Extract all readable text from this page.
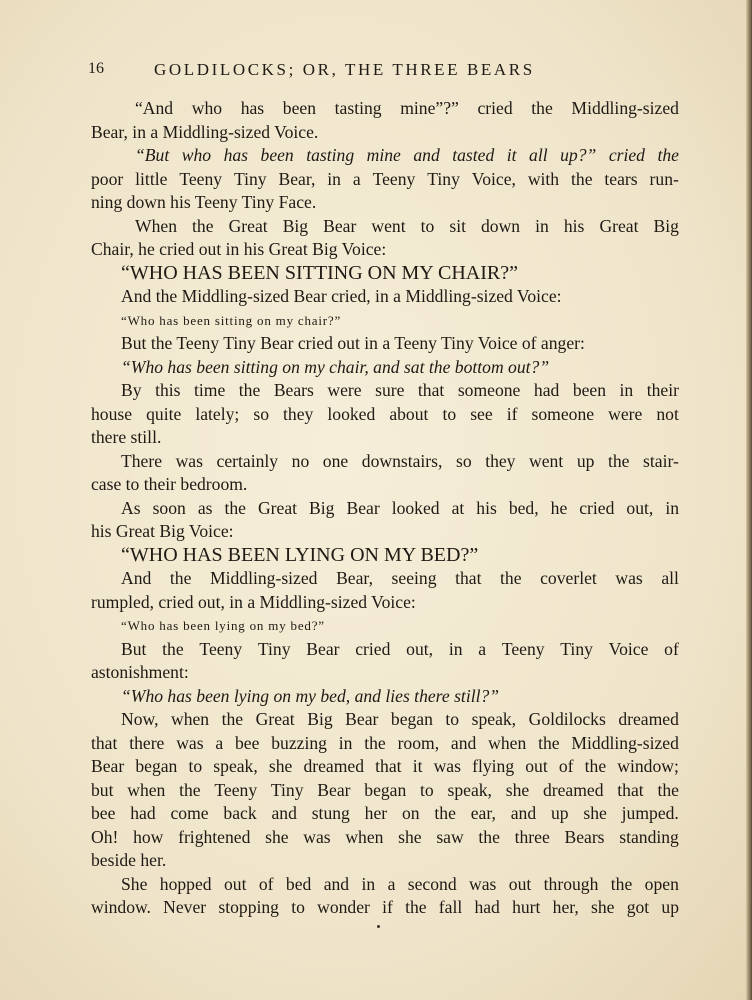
16	GOLDILOCKS; OR, THE THREE BEARS
“And who has been tasting mine”?” cried the Middling-sized
Bear, in a Middling-sized Voice.
“But who has been tasting mine and tasted it all up?” cried the
poor little Teeny Tiny Bear, in a Teeny Tiny Voice, with the tears run-
ning down his Teeny Tiny Face.
When the Great Big Bear went to sit down in his Great Big
Chair, he cried out in his Great Big Voice:
“WHO HAS BEEN SITTING ON MY CHAIR?”
And the Middling-sized Bear cried, in a Middling-sized Voice:
“Who has been sitting on my chair?”
But the Teeny Tiny Bear cried out in a Teeny Tiny Voice of anger:
“Who has been sitting on my chair, and sat the bottom out?”
By this time the Bears were sure that someone had been in their
house quite lately; so they looked about to see if someone were not
there still.
There was certainly no one downstairs, so they went up the stair-
case to their bedroom.
As soon as the Great Big Bear looked at his bed, he cried out, in
his Great Big Voice:
“WHO HAS BEEN LYING ON MY BED?”
And the Middling-sized Bear, seeing that the coverlet was all
rumpled, cried out, in a Middling-sized Voice:
“Who has been lying on my bed?”
But the Teeny Tiny Bear cried out, in a Teeny Tiny Voice of
astonishment:
“Who has been lying on my bed, and lies there still?”
Now, when the Great Big Bear began to speak, Goldilocks dreamed
that there was a bee buzzing in the room, and when the Middling-sized
Bear began to speak, she dreamed that it was flying out of the window;
but when the Teeny Tiny Bear began to speak, she dreamed that the
bee had come back and stung her on the ear, and up she jumped.
Oh! how frightened she was when she saw the three Bears standing
beside her.
She hopped out of bed and in a second was out through the open
window. Never stopping to wonder if the fall had hurt her, she got up
